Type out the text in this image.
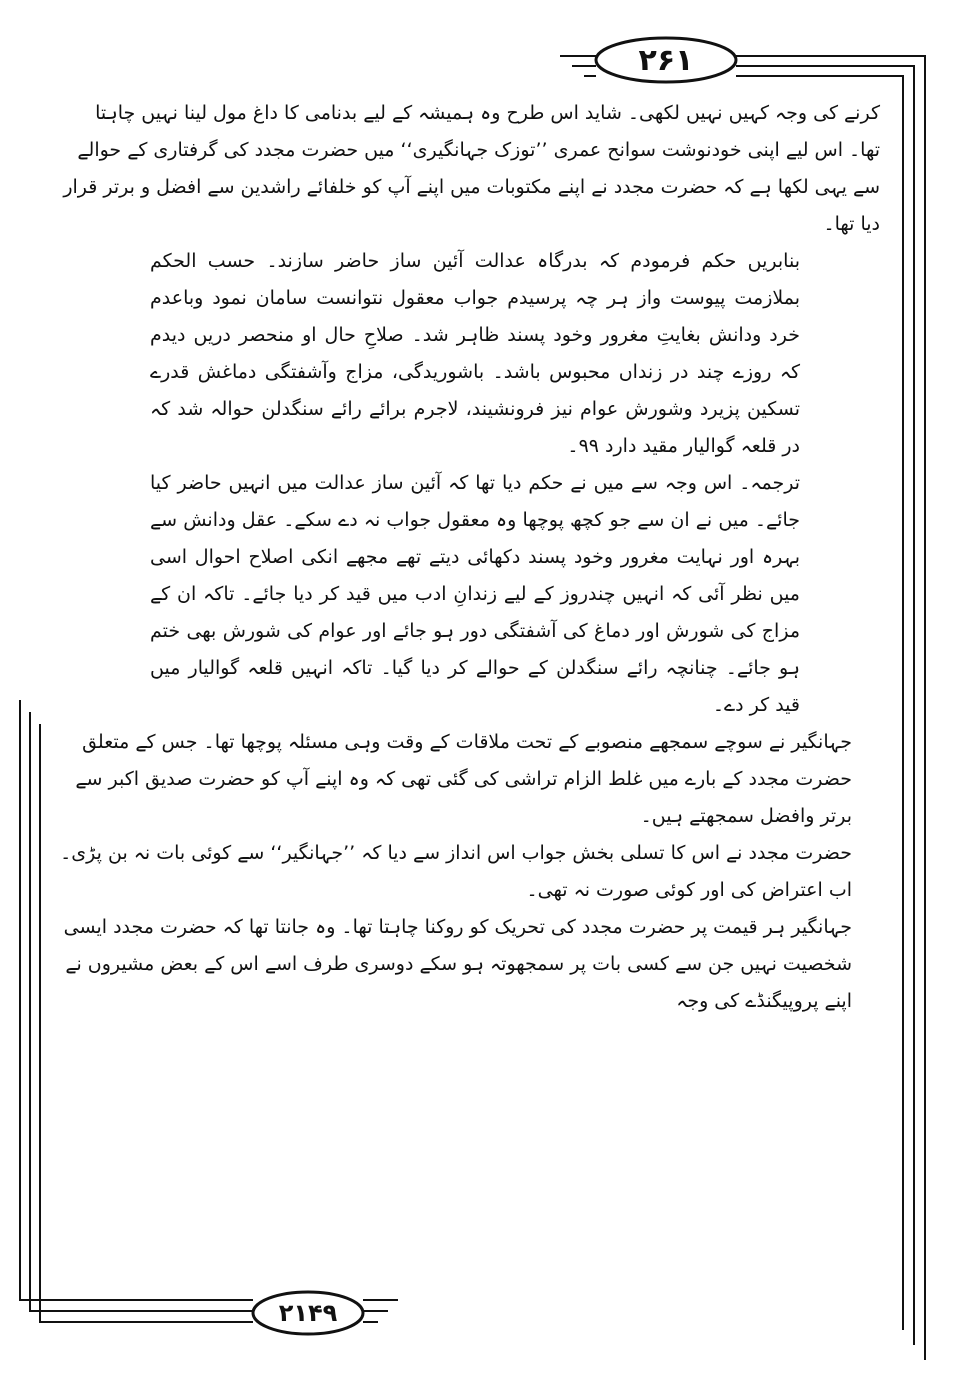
۲۶۱
۲۱۴۹

کرنے کی وجہ کہیں نہیں لکھی۔ شاید اس طرح وہ ہمیشہ کے لیے بدنامی کا داغ مول لینا نہیں چاہتا تھا۔ اس لیے اپنی خودنوشت سوانح عمری ’’توزک جہانگیری‘‘ میں حضرت مجدد کی گرفتاری کے حوالے سے یہی لکھا ہے کہ حضرت مجدد نے اپنے مکتوبات میں اپنے آپ کو خلفائے راشدین سے افضل و برتر قرار دیا تھا۔

بنابریں حکم فرمودم کہ بدرگاہ عدالت آئین ساز حاضر سازند۔ حسب الحکم بملازمت پیوست واز ہر چہ پرسیدم جواب معقول نتوانست سامان نمود وباعدم خرد ودانش بغایتِ مغرور وخود پسند ظاہر شد۔ صلاحِ حال او منحصر دریں دیدم کہ روزے چند در زنداں محبوس باشد۔ باشوریدگی، مزاج وآشفتگی دماغش قدرے تسکین پزیرد وشورش عوام نیز فرونشیند، لاجرم برائے رائے سنگدلن حوالہ شد کہ در قلعہ گوالیار مقید دارد ۹۹۔

ترجمہ۔ اس وجہ سے میں نے حکم دیا تھا کہ آئین ساز عدالت میں انہیں حاضر کیا جائے۔ میں نے ان سے جو کچھ پوچھا وہ معقول جواب نہ دے سکے۔ عقل ودانش سے بہرہ اور نہایت مغرور وخود پسند دکھائی دیتے تھے مجھے انکی اصلاح احوال اسی میں نظر آئی کہ انہیں چندروز کے لیے زندانِ ادب میں قید کر دیا جائے۔ تاکہ ان کے مزاج کی شورش اور دماغ کی آشفتگی دور ہو جائے اور عوام کی شورش بھی ختم ہو جائے۔ چنانچہ رائے سنگدلن کے حوالے کر دیا گیا۔ تاکہ انہیں قلعہ گوالیار میں قید کر دے۔

جہانگیر نے سوچے سمجھے منصوبے کے تحت ملاقات کے وقت وہی مسئلہ پوچھا تھا۔ جس کے متعلق حضرت مجدد کے بارے میں غلط الزام تراشی کی گئی تھی کہ وہ اپنے آپ کو حضرت صدیق اکبر سے برتر وافضل سمجھتے ہیں۔

حضرت مجدد نے اس کا تسلی بخش جواب اس انداز سے دیا کہ ’’جہانگیر‘‘ سے کوئی بات نہ بن پڑی۔ اب اعتراض کی اور کوئی صورت نہ تھی۔

جہانگیر ہر قیمت پر حضرت مجدد کی تحریک کو روکنا چاہتا تھا۔ وہ جانتا تھا کہ حضرت مجدد ایسی شخصیت نہیں جن سے کسی بات پر سمجھوتہ ہو سکے دوسری طرف اسے اس کے بعض مشیروں نے اپنے پروپیگنڈے کی وجہ
